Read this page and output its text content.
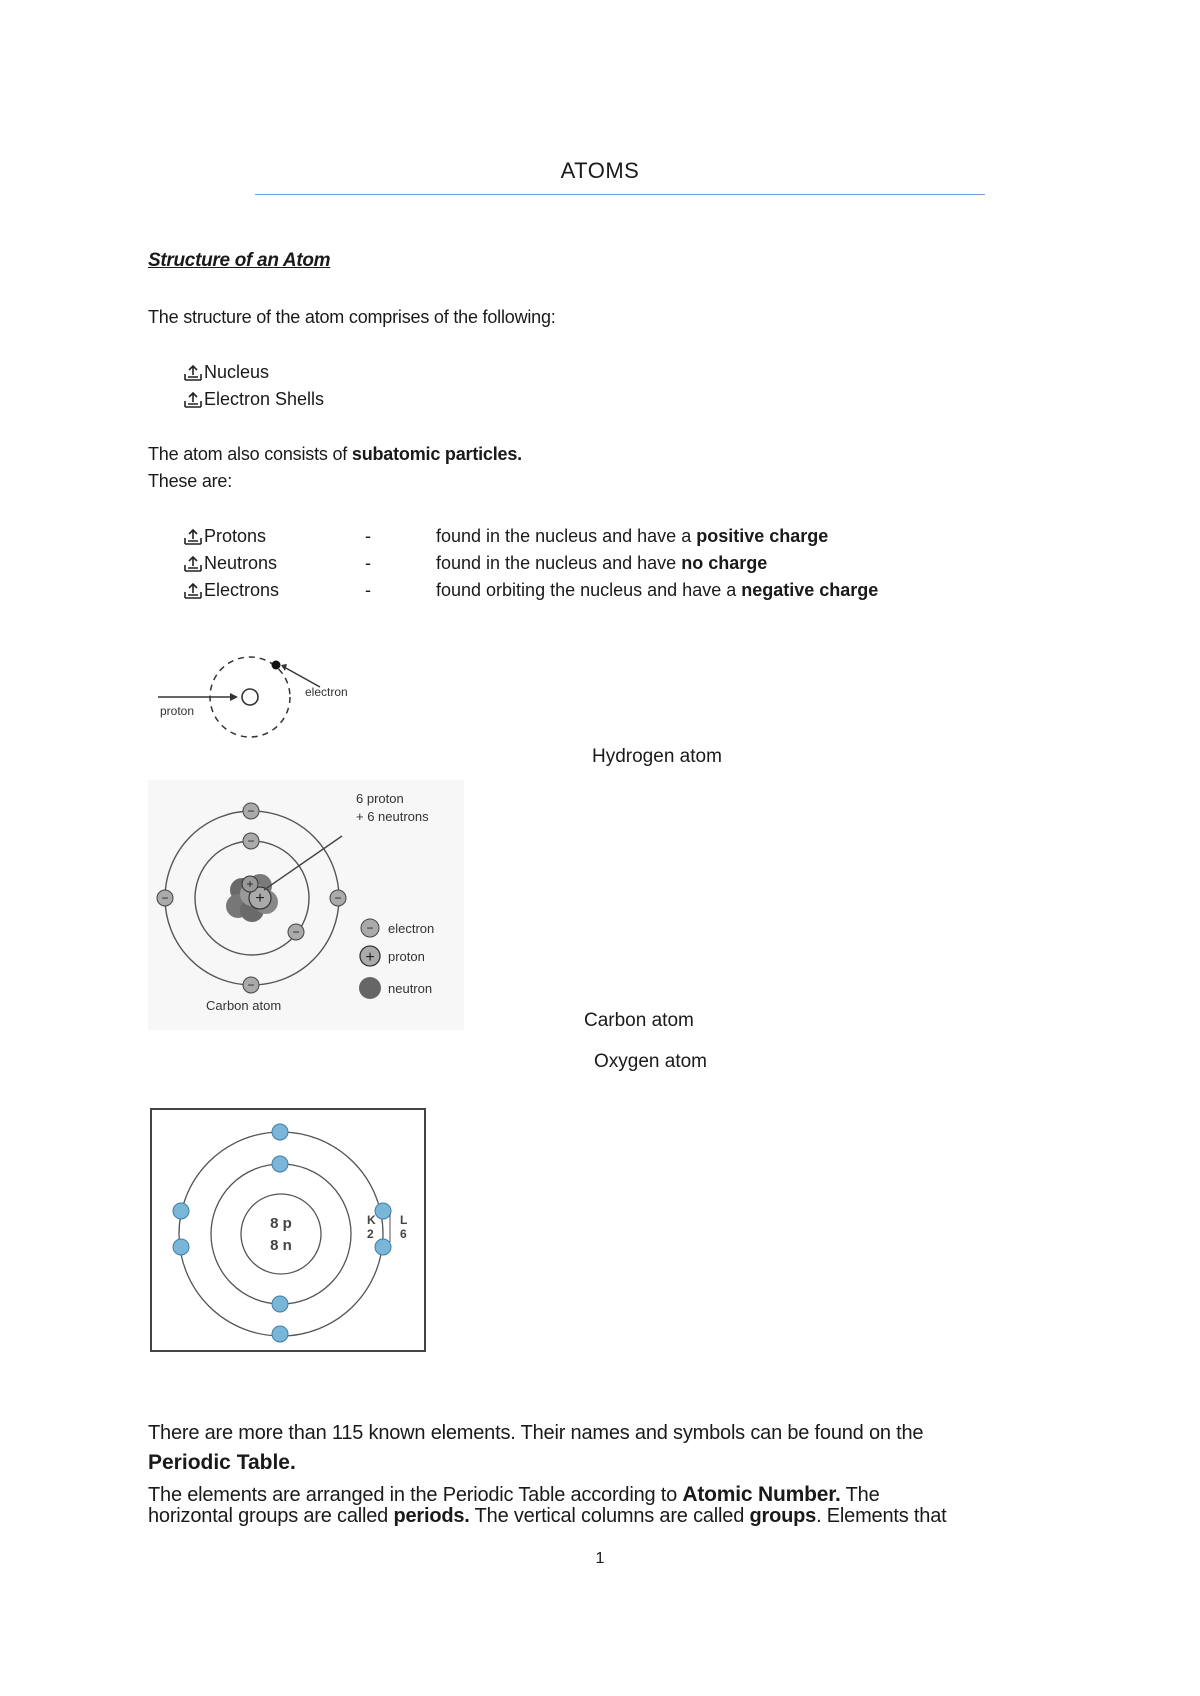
ATOMS
Structure of an Atom
The structure of the atom comprises of the following:
Nucleus
Electron Shells
The atom also consists of subatomic particles.
These are:
Protons	-	found in the nucleus and have a positive charge
Neutrons	-	found in the nucleus and have no charge
Electrons	-	found orbiting the nucleus and have a negative charge
electron
proton
Hydrogen atom
+
+
6 proton
+ 6 neutrons
−
−
−	−
−
−
− electron
+ proton
neutron
Carbon atom
Carbon atom
Oxygen atom
8 p
8 n
K
2
L
6
There are more than 115 known elements. Their names and symbols can be found on the
Periodic Table.
The elements are arranged in the Periodic Table according to Atomic Number. The
horizontal groups are called periods. The vertical columns are called groups. Elements that
1
